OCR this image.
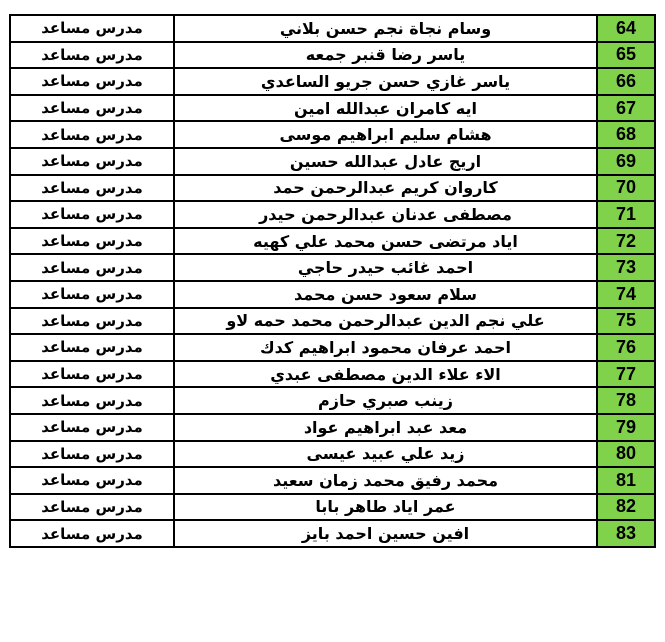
مدرس مساعد	وسام نجاة نجم حسن بلاني	64
مدرس مساعد	ياسر رضا قنبر جمعه	65
مدرس مساعد	ياسر غازي حسن جريو الساعدي	66
مدرس مساعد	ايه كامران عبدالله امين	67
مدرس مساعد	هشام سليم ابراهيم موسى	68
مدرس مساعد	اريج عادل عبدالله حسين	69
مدرس مساعد	كاروان كريم عبدالرحمن حمد	70
مدرس مساعد	مصطفى عدنان عبدالرحمن حيدر	71
مدرس مساعد	اياد مرتضى حسن محمد علي كهيه	72
مدرس مساعد	احمد غائب حيدر حاجي	73
مدرس مساعد	سلام سعود حسن محمد	74
مدرس مساعد	علي نجم الدين عبدالرحمن محمد حمه لاو	75
مدرس مساعد	احمد عرفان محمود ابراهيم كدك	76
مدرس مساعد	الاء علاء الدين مصطفى عبدي	77
مدرس مساعد	زينب صبري حازم	78
مدرس مساعد	معد عبد ابراهيم عواد	79
مدرس مساعد	زيد علي عبيد عيسى	80
مدرس مساعد	محمد رفيق محمد زمان سعيد	81
مدرس مساعد	عمر اياد طاهر بابا	82
مدرس مساعد	افين حسين احمد بايز	83
